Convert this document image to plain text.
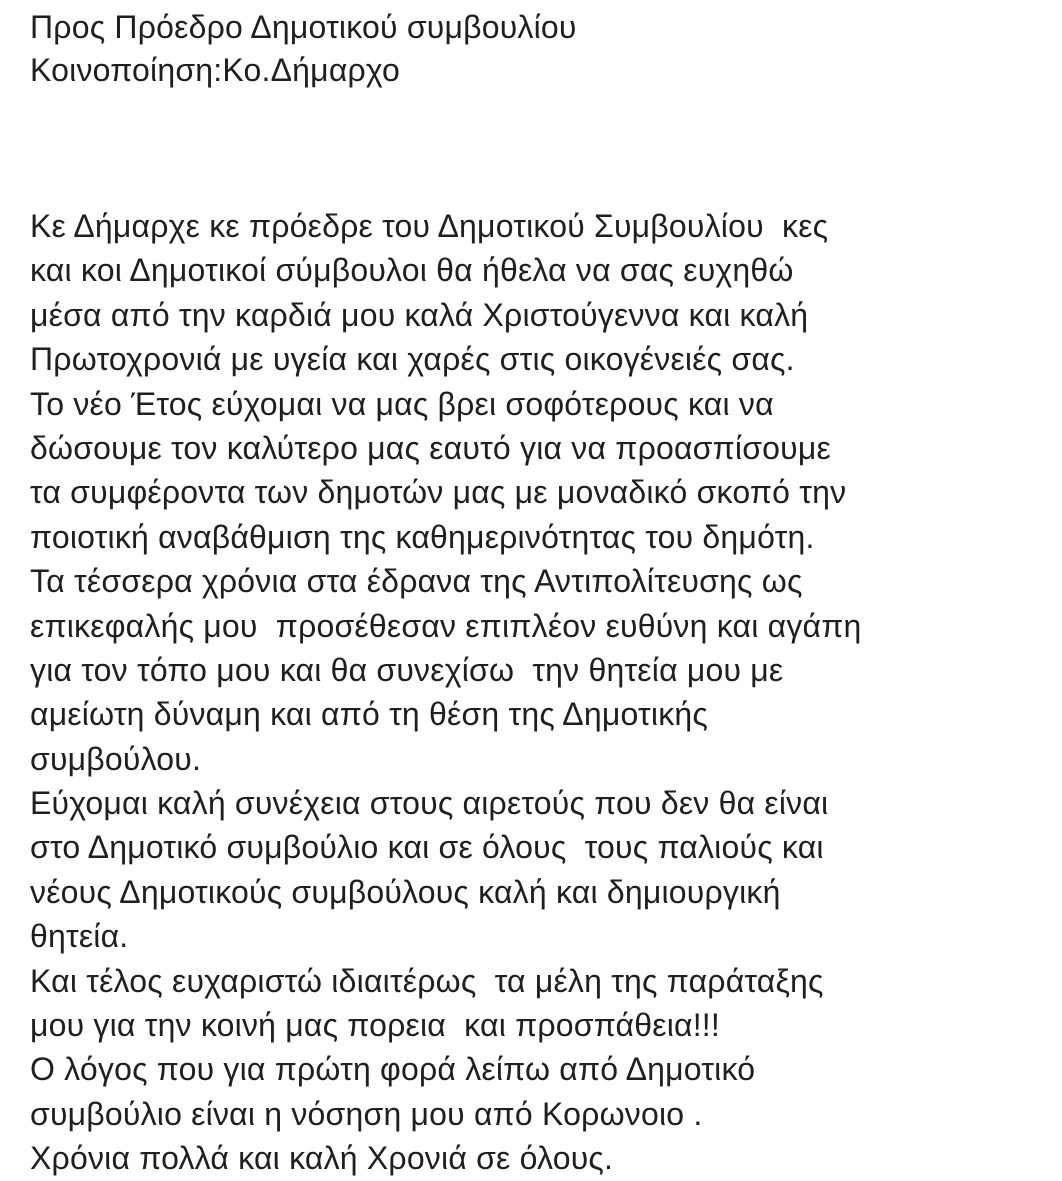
Προς Πρόεδρο Δημοτικού συμβουλίου
Κοινοποίηση:Κο.Δήμαρχο
Κε Δήμαρχε κε πρόεδρε του Δημοτικού Συμβουλίου  κες
και κοι Δημοτικοί σύμβουλοι θα ήθελα να σας ευχηθώ
μέσα από την καρδιά μου καλά Χριστούγεννα και καλή
Πρωτοχρονιά με υγεία και χαρές στις οικογένειές σας.
Το νέο Έτος εύχομαι να μας βρει σοφότερους και να
δώσουμε τον καλύτερο μας εαυτό για να προασπίσουμε
τα συμφέροντα των δημοτών μας με μοναδικό σκοπό την
ποιοτική αναβάθμιση της καθημερινότητας του δημότη.
Τα τέσσερα χρόνια στα έδρανα της Αντιπολίτευσης ως
επικεφαλής μου  προσέθεσαν επιπλέον ευθύνη και αγάπη
για τον τόπο μου και θα συνεχίσω  την θητεία μου με
αμείωτη δύναμη και από τη θέση της Δημοτικής
συμβούλου.
Εύχομαι καλή συνέχεια στους αιρετούς που δεν θα είναι
στο Δημοτικό συμβούλιο και σε όλους  τους παλιούς και
νέους Δημοτικούς συμβούλους καλή και δημιουργική
θητεία.
Και τέλος ευχαριστώ ιδιαιτέρως  τα μέλη της παράταξης
μου για την κοινή μας πορεια  και προσπάθεια!!!
Ο λόγος που για πρώτη φορά λείπω από Δημοτικό
συμβούλιο είναι η νόσηση μου από Κορωνοιο .
Χρόνια πολλά και καλή Χρονιά σε όλους.
